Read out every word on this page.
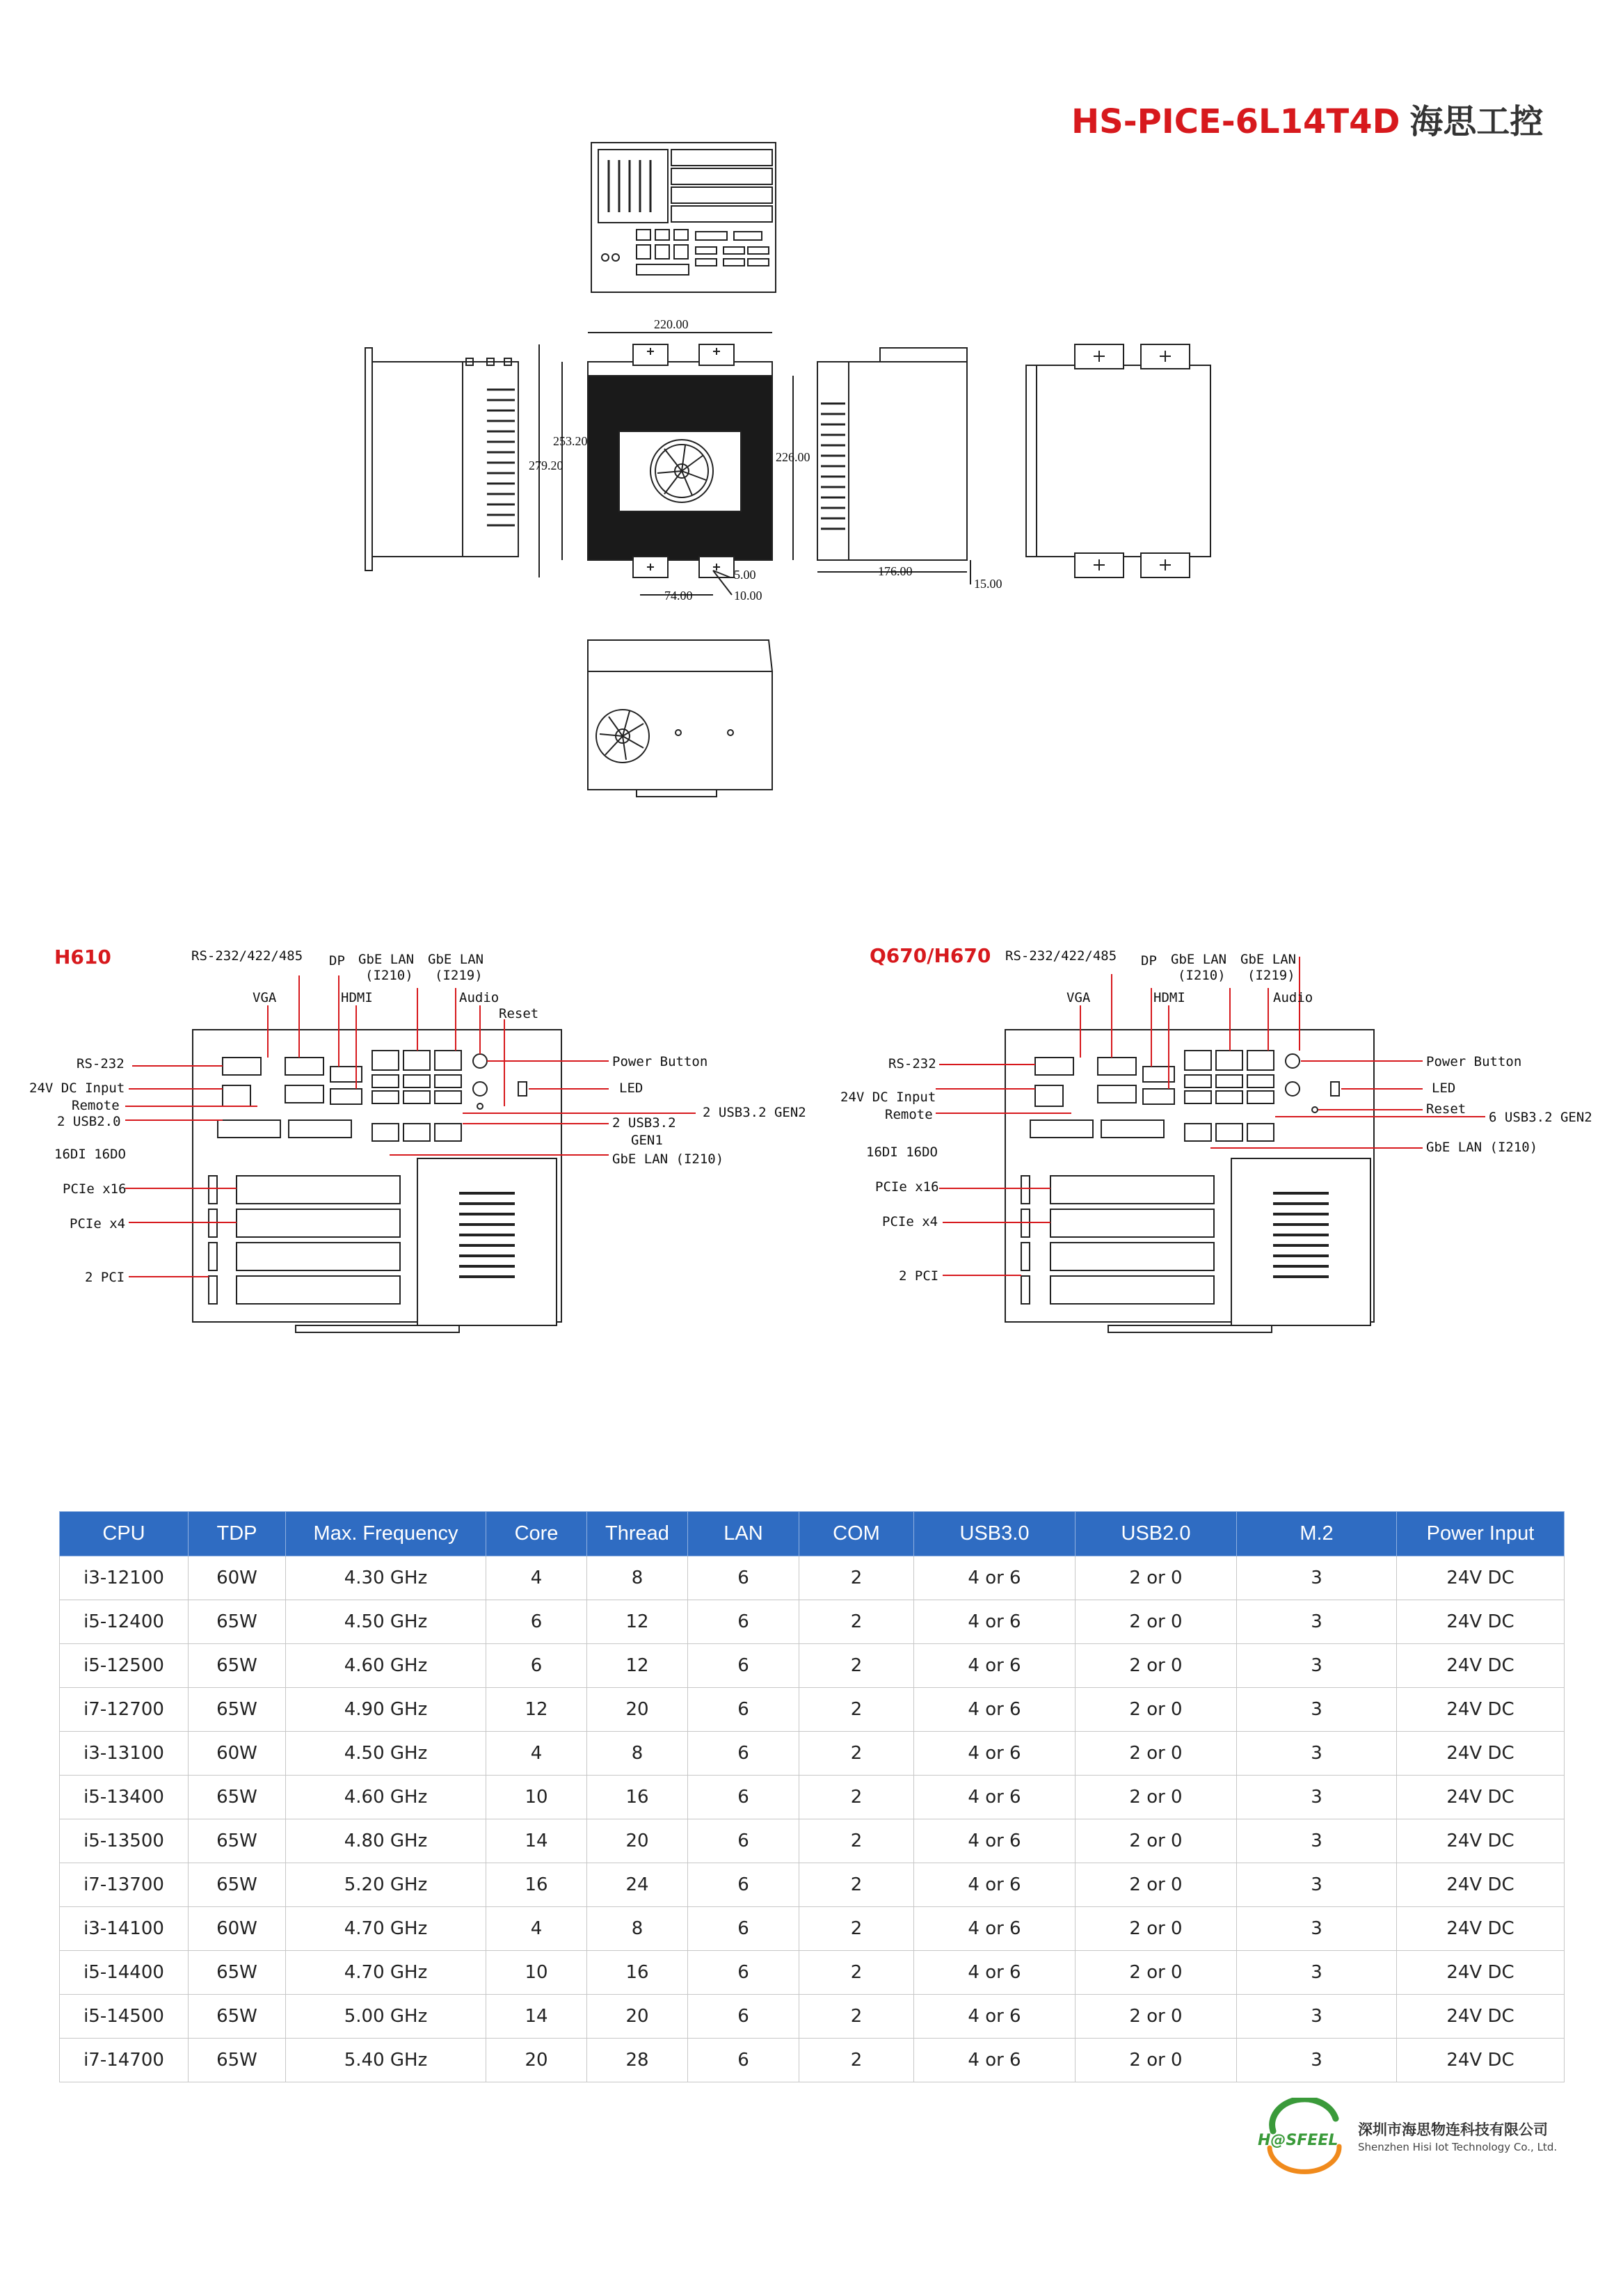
HS-PICE-6L14T4D 海思工控
220.00
279.20
253.20
226.00
74.00
5.00
10.00
176.00
15.00
H610	RS-232/422/485 DP GbE LAN
(I210)
GbE LAN
(I219)
VGA	HDMI	Audio
Reset
RS-232
24V DC Input
Remote
2 USB2.0
16DI 16DO
PCIe x16
PCIe x4
2 PCI
Power Button
LED
2 USB3.2 GEN2
2 USB3.2
GEN1
GbE LAN (I210)
Q670/H670 RS-232/422/485 DP GbE LAN
(I210)
GbE LAN
(I219)
VGA	HDMI	Audio
RS-232
24V DC Input
Remote
16DI 16DO
PCIe x16
PCIe x4
2 PCI
Power Button
LED
Reset
6 USB3.2 GEN2
GbE LAN (I210)
CPU	TDP	Max. Frequency	Core	Thread	LAN	COM	USB3.0	USB2.0	M.2	Power Input
i3-12100	60W	4.30 GHz	4	8	6	2	4 or 6	2 or 0	3	24V DC
i5-12400	65W	4.50 GHz	6	12	6	2	4 or 6	2 or 0	3	24V DC
i5-12500	65W	4.60 GHz	6	12	6	2	4 or 6	2 or 0	3	24V DC
i7-12700	65W	4.90 GHz	12	20	6	2	4 or 6	2 or 0	3	24V DC
i3-13100	60W	4.50 GHz	4	8	6	2	4 or 6	2 or 0	3	24V DC
i5-13400	65W	4.60 GHz	10	16	6	2	4 or 6	2 or 0	3	24V DC
i5-13500	65W	4.80 GHz	14	20	6	2	4 or 6	2 or 0	3	24V DC
i7-13700	65W	5.20 GHz	16	24	6	2	4 or 6	2 or 0	3	24V DC
i3-14100	60W	4.70 GHz	4	8	6	2	4 or 6	2 or 0	3	24V DC
i5-14400	65W	4.70 GHz	10	16	6	2	4 or 6	2 or 0	3	24V DC
i5-14500	65W	5.00 GHz	14	20	6	2	4 or 6	2 or 0	3	24V DC
i7-14700	65W	5.40 GHz	20	28	6	2	4 or 6	2 or 0	3	24V DC
H@SFEEL
深圳市海思物连科技有限公司
Shenzhen Hisi Iot Technology Co., Ltd.
